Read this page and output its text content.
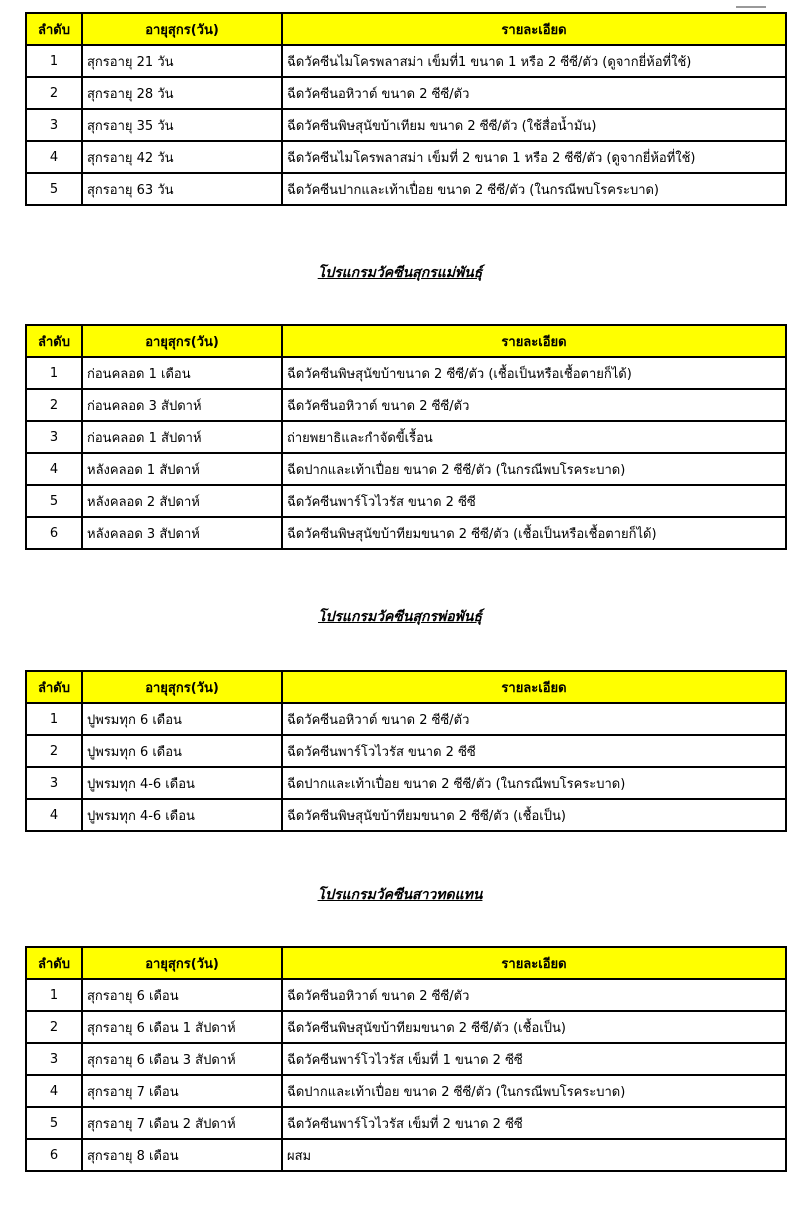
ลำดับ	อายุสุกร(วัน)	รายละเอียด
1	สุกรอายุ 21 วัน	ฉีดวัคซีนไมโครพลาสม่า เข็มที่1 ขนาด 1 หรือ 2 ซีซี/ตัว (ดูจากยี่ห้อที่ใช้)
2	สุกรอายุ 28 วัน	ฉีดวัคซีนอหิวาต์ ขนาด 2 ซีซี/ตัว
3	สุกรอายุ 35 วัน	ฉีดวัคซีนพิษสุนัขบ้าเทียม ขนาด 2 ซีซี/ตัว (ใช้สื่อน้ำมัน)
4	สุกรอายุ 42 วัน	ฉีดวัคซีนไมโครพลาสม่า เข็มที่ 2 ขนาด 1 หรือ 2 ซีซี/ตัว (ดูจากยี่ห้อที่ใช้)
5	สุกรอายุ 63 วัน	ฉีดวัคซีนปากและเท้าเปื่อย ขนาด 2 ซีซี/ตัว (ในกรณีพบโรคระบาด)
โปรแกรมวัคซีนสุกรแม่พันธุ์
ลำดับ	อายุสุกร(วัน)	รายละเอียด
1	ก่อนคลอด 1 เดือน	ฉีดวัคซีนพิษสุนัขบ้าขนาด 2 ซีซี/ตัว (เชื้อเป็นหรือเชื้อตายก็ได้)
2	ก่อนคลอด 3 สัปดาห์	ฉีดวัคซีนอหิวาต์ ขนาด 2 ซีซี/ตัว
3	ก่อนคลอด 1 สัปดาห์	ถ่ายพยาธิและกำจัดขี้เรื้อน
4	หลังคลอด 1 สัปดาห์	ฉีดปากและเท้าเปื่อย ขนาด 2 ซีซี/ตัว (ในกรณีพบโรคระบาด)
5	หลังคลอด 2 สัปดาห์	ฉีดวัคซีนพาร์โวไวรัส ขนาด 2 ซีซี
6	หลังคลอด 3 สัปดาห์	ฉีดวัคซีนพิษสุนัขบ้าทียมขนาด 2 ซีซี/ตัว (เชื้อเป็นหรือเชื้อตายก็ได้)
โปรแกรมวัคซีนสุกรพ่อพันธุ์
ลำดับ	อายุสุกร(วัน)	รายละเอียด
1	ปูพรมทุก 6 เดือน	ฉีดวัคซีนอหิวาต์ ขนาด 2 ซีซี/ตัว
2	ปูพรมทุก 6 เดือน	ฉีดวัคซีนพาร์โวไวรัส ขนาด 2 ซีซี
3	ปูพรมทุก 4-6 เดือน	ฉีดปากและเท้าเปื่อย ขนาด 2 ซีซี/ตัว (ในกรณีพบโรคระบาด)
4	ปูพรมทุก 4-6 เดือน	ฉีดวัคซีนพิษสุนัขบ้าทียมขนาด 2 ซีซี/ตัว (เชื้อเป็น)
โปรแกรมวัคซีนสาวทดแทน
ลำดับ	อายุสุกร(วัน)	รายละเอียด
1	สุกรอายุ 6 เดือน	ฉีดวัคซีนอหิวาต์ ขนาด 2 ซีซี/ตัว
2	สุกรอายุ 6 เดือน 1 สัปดาห์	ฉีดวัคซีนพิษสุนัขบ้าทียมขนาด 2 ซีซี/ตัว (เชื้อเป็น)
3	สุกรอายุ 6 เดือน 3 สัปดาห์	ฉีดวัคซีนพาร์โวไวรัส เข็มที่ 1 ขนาด 2 ซีซี
4	สุกรอายุ 7 เดือน	ฉีดปากและเท้าเปื่อย ขนาด 2 ซีซี/ตัว (ในกรณีพบโรคระบาด)
5	สุกรอายุ 7 เดือน 2 สัปดาห์	ฉีดวัคซีนพาร์โวไวรัส เข็มที่ 2 ขนาด 2 ซีซี
6	สุกรอายุ 8 เดือน	ผสม
